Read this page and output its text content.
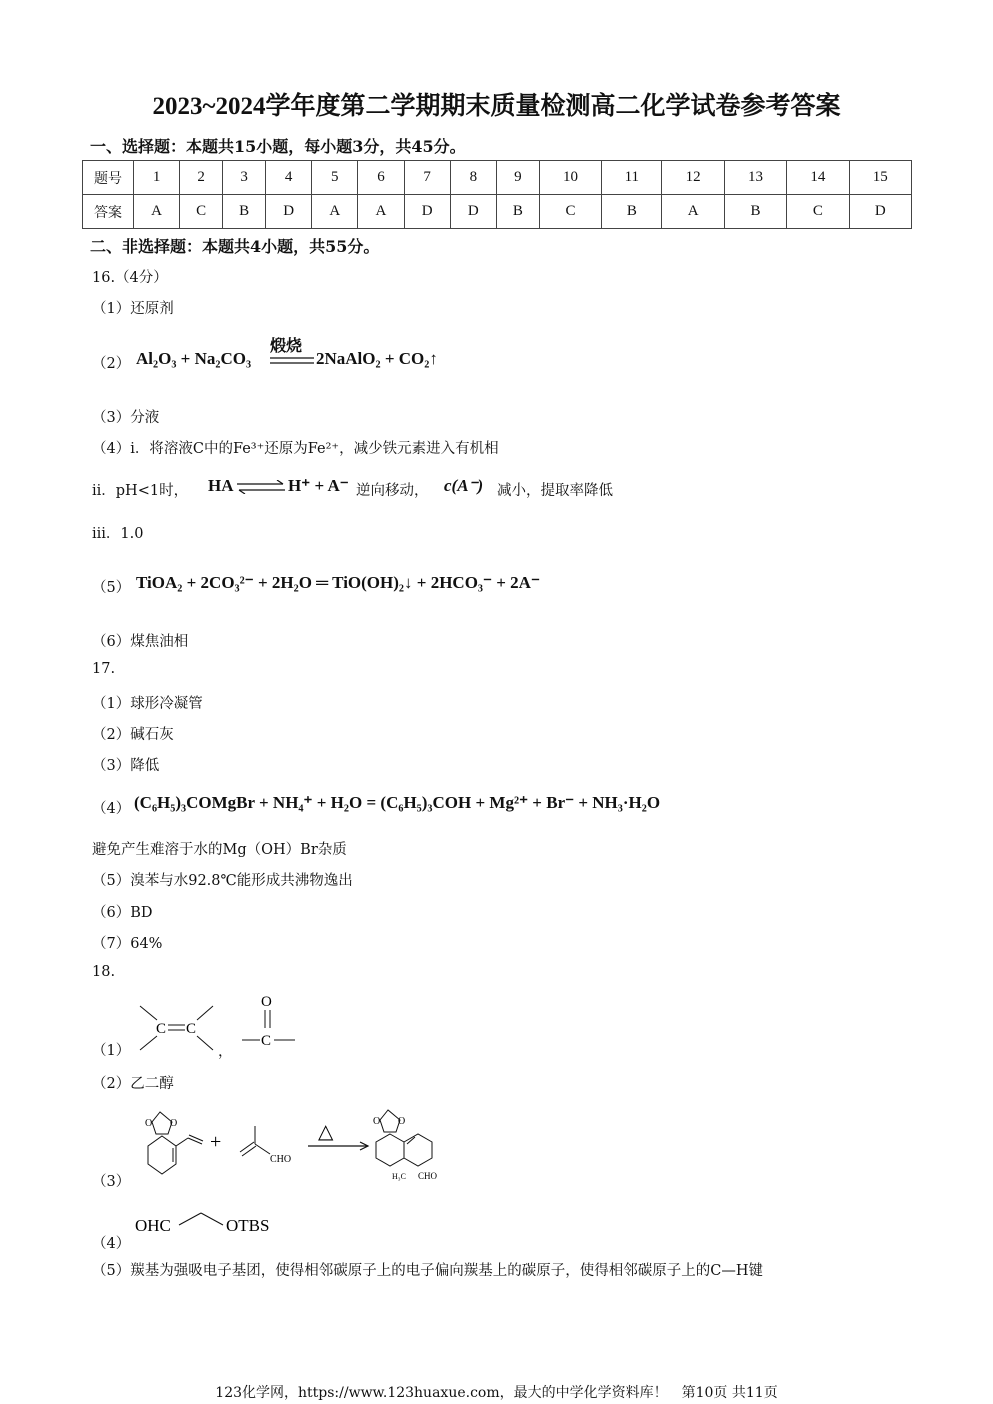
2023~2024学年度第二学期期末质量检测高二化学试卷参考答案
一、选择题：本题共15小题，每小题3分，共45分。
题号	1	2	3	4	5	6	7	8	9	10	11	12	13	14	15
答案	A	C	B	D	A	A	D	D	B	C	B	A	B	C	D
二、非选择题：本题共4小题，共55分。
16.（4分）
（1）还原剂
（2） Al₂O₃ + Na₂CO₃
煅烧
2NaAlO₂ + CO₂↑
（3）分液
（4）ⅰ．将溶液C中的Fe³⁺还原为Fe²⁺，减少铁元素进入有机相
ⅱ．pH<1时， HA ⇌ H⁺ + A⁻ 逆向移动， c(A⁻) 减小，提取率降低
ⅲ．1.0
（5） TiOA₂ + 2CO₃²⁻ + 2H₂O ═ TiO(OH)₂↓ + 2HCO₃⁻ + 2A⁻
（6）煤焦油相
17.
（1）球形冷凝管
（2）碱石灰
（3）降低
（4） (C₆H₅)₃COMgBr + NH₄⁺ + H₂O = (C₆H₅)₃COH + Mg²⁺ + Br⁻ + NH₃·H₂O
避免产生难溶于水的Mg（OH）Br杂质
（5）溴苯与水92.8℃能形成共沸物逸出
（6）BD
（7）64%
18.
（1）
C C
，
O
C
（2）乙二醇
（3）
O O
+
CHO
△	O O
H₃C CHO
（4）
OHC	OTBS
（5）羰基为强吸电子基团，使得相邻碳原子上的电子偏向羰基上的碳原子，使得相邻碳原子上的C—H键
123化学网，https://www.123huaxue.com，最大的中学化学资料库！　第10页 共11页
